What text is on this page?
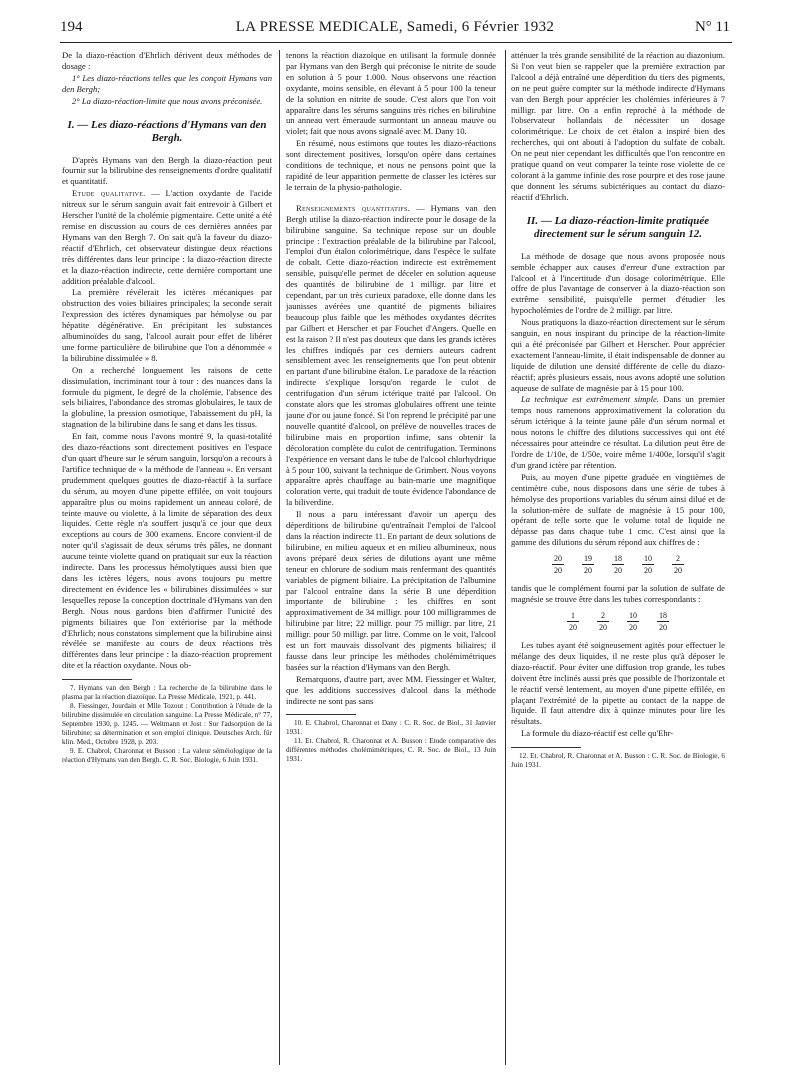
194	LA PRESSE MEDICALE, Samedi, 6 Février 1932	N° 11

De la diazo-réaction d'Ehrlich dérivent deux méthodes de dosage :

1° Les diazo-réactions telles que les conçoit Hymans van den Bergh;

2° La diazo-réaction-limite que nous avons préconisée.

I. — Les diazo-réactions d'Hymans van den Bergh.

D'après Hymans van den Bergh la diazo-réaction peut fournir sur la bilirubine des renseignements d'ordre qualitatif et quantitatif.

Etude qualitative. — L'action oxydante de l'acide nitreux sur le sérum sanguin avait fait entrevoir à Gilbert et Herscher l'unité de la cholémie pigmentaire. Cette unité a été remise en discussion au cours de ces dernières années par Hymans van den Bergh 7. On sait qu'à la faveur du diazo-réactif d'Ehrlich, cet observateur distingue deux réactions très différentes dans leur principe : la diazo-réaction directe et la diazo-réaction indirecte, cette dernière comportant une addition préalable d'alcool.

La première révélerait les ictères mécaniques par obstruction des voies biliaires principales; la seconde serait l'expression des ictères dynamiques par hémolyse ou par hépatite dégénérative. En précipitant les substances albuminoïdes du sang, l'alcool aurait pour effet de libérer une forme particulière de bilirubine que l'on a dénommée « la bilirubine dissimulée » 8.

On a recherché longuement les raisons de cette dissimulation, incriminant tour à tour : des nuances dans la formule du pigment, le degré de la cholémie, l'absence des sels biliaires, l'abondance des stromas globulaires, le taux de la globuline, la pression osmotique, l'abaissement du pH, la stagnation de la bilirubine dans le sang et dans les tissus.

En fait, comme nous l'avons montré 9, la quasi-totalité des diazo-réactions sont directement positives en l'espace d'un quart d'heure sur le sérum sanguin, lorsqu'on a recours à l'artifice technique de « la méthode de l'anneau ». En versant prudemment quelques gouttes de diazo-réactif à la surface du sérum, au moyen d'une pipette effilée, on voit toujours apparaître plus ou moins rapidement un anneau coloré, de teinte mauve ou violette, à la limite de séparation des deux liquides. Cette règle n'a souffert jusqu'à ce jour que deux exceptions au cours de 300 examens. Encore convient-il de noter qu'il s'agissait de deux sérums très pâles, ne donnant aucune teinte violette quand on pratiquait sur eux la réaction indirecte. Dans les processus hémolytiques aussi bien que dans les ictères légers, nous avons toujours pu mettre directement en évidence les « bilirubines dissimulées » sur lesquelles repose la conception doctrinale d'Hymans van den Bergh. Nous nous gardons bien d'affirmer l'unicité des pigments biliaires que l'on extériorise par la méthode d'Ehrlich; nous constatons simplement que la bilirubine ainsi révélée se manifeste au cours de deux réactions très différentes dans leur principe : la diazo-réaction proprement dite et la réaction oxydante. Nous ob-

7. Hymans van den Bergh : La recherche de la bilirubine dans le plasma par la réaction diazoïque. La Presse Médicale, 1921, p. 441.

8. Fiessinger, Jourdain et Mlle Tozout : Contribution à l'étude de la bilirubine dissimulée en circulation sanguine. La Presse Médicale, n° 77, Septembre 1930, p. 1245. — Weltmann et Jost : Sur l'adsorption de la bilirubine; sa détermination et son emploi clinique. Deutsches Arch. für klin. Med., Octobre 1928, p. 203.

9. E. Chabrol, Charonnat et Busson : La valeur séméiologique de la réaction d'Hymans van den Bergh. C. R. Soc. Biologie, 6 Juin 1931.

tenons la réaction diazoïque en utilisant la formule donnée par Hymans van den Bergh qui préconise le nitrite de soude en solution à 5 pour 1.000. Nous observons une réaction oxydante, moins sensible, en élevant à 5 pour 100 la teneur de la solution en nitrite de soude. C'est alors que l'on voit apparaître dans les sérums sanguins très riches en bilirubine un anneau vert émeraude surmontant un anneau mauve ou violet; fait que nous avons signalé avec M. Dany 10.

En résumé, nous estimons que toutes les diazo-réactions sont directement positives, lorsqu'on opère dans certaines conditions de technique, et nous ne pensons point que la rapidité de leur apparition permette de classer les ictères sur le terrain de la physio-pathologie.

Renseignements quantitatifs. — Hymans van den Bergh utilise la diazo-réaction indirecte pour le dosage de la bilirubine sanguine. Sa technique repose sur un double principe : l'extraction préalable de la bilirubine par l'alcool, l'emploi d'un étalon colorimétrique, dans l'espèce le sulfate de cobalt. Cette diazo-réaction indirecte est extrêmement sensible, puisqu'elle permet de déceler en solution aqueuse des quantités de bilirubine de 1 milligr. par litre et cependant, par un très curieux paradoxe, elle donne dans les jaunisses avérées une quantité de pigments biliaires beaucoup plus faible que les méthodes oxydantes décrites par Gilbert et Herscher et par Fouchet d'Angers. Quelle en est la raison ? Il n'est pas douteux que dans les grands ictères les chiffres indiqués par ces derniers auteurs cadrent sensiblement avec les renseignements que l'on peut obtenir en partant d'une bilirubine étalon. Le paradoxe de la réaction indirecte s'explique lorsqu'on regarde le culot de centrifugation d'un sérum ictérique traité par l'alcool. On constate alors que les stromas globulaires offrent une teinte jaune d'or ou jaune foncé. Si l'on reprend le précipité par une nouvelle quantité d'alcool, on prélève de nouvelles traces de bilirubine mais en proportion infime, sans obtenir la décoloration complète du culot de centrifugation. Terminons l'expérience en versant dans le tube de l'alcool chlorhydrique à 5 pour 100, suivant la technique de Grimbert. Nous voyons apparaître après chauffage au bain-marie une magnifique coloration verte, qui traduit de toute évidence l'abondance de la biliverdine.

Il nous a paru intéressant d'avoir un aperçu des déperditions de bilirubine qu'entraînait l'emploi de l'alcool dans la réaction indirecte 11. En partant de deux solutions de bilirubine, en milieu aqueux et en milieu albumineux, nous avons préparé deux séries de dilutions ayant une même teneur en chlorure de sodium mais renfermant des quantités variables de pigment biliaire. La précipitation de l'albumine par l'alcool entraîne dans la série B une déperdition importante de bilirubine : les chiffres en sont approximativement de 34 milligr. pour 100 milligrammes de bilirubine par litre; 22 milligr. pour 75 milligr. par litre, 21 milligr. pour 50 milligr. par litre. Comme on le voit, l'alcool est un fort mauvais dissolvant des pigments biliaires; il fausse dans leur principe les méthodes cholémimétriques basées sur la réaction d'Hymans van den Bergh.

Remarquons, d'autre part, avec MM. Fiessinger et Walter, que les additions successives d'alcool dans la méthode indirecte ne sont pas sans

10. E. Chabrol, Charonnat et Dany : C. R. Soc. de Biol., 31 Janvier 1931.

11. Et. Chabrol, R. Charonnat et A. Busson : Etude comparative des différentes méthodes cholémimétriques, C. R. Soc. de Biol., 13 Juin 1931.

atténuer la très grande sensibilité de la réaction au diazonium. Si l'on veut bien se rappeler que la première extraction par l'alcool a déjà entraîné une déperdition du tiers des pigments, on ne peut guère compter sur la méthode indirecte d'Hymans van den Bergh pour apprécier les cholémies inférieures à 7 milligr. par litre. On a enfin reproché à la méthode de l'observateur hollandais de nécessiter un dosage colorimétrique. Le choix de cet étalon a inspiré bien des recherches, qui ont abouti à l'adoption du sulfate de cobalt. On ne peut nier cependant les difficultés que l'on rencontre en pratique quand on veut comparer la teinte rose violette de ce colorant à la gamme infinie des rose pourpre et des rose jaune que donnent les sérums subictériques au contact du diazo-réactif d'Ehrlich.

II. — La diazo-réaction-limite pratiquée directement sur le sérum sanguin 12.

La méthode de dosage que nous avons proposée nous semble échapper aux causes d'erreur d'une extraction par l'alcool et à l'incertitude d'un dosage colorimétrique. Elle offre de plus l'avantage de conserver à la diazo-réaction son extrême sensibilité, puisqu'elle permet d'étudier les hypocholémies de l'ordre de 2 milligr. par litre.

Nous pratiquons la diazo-réaction directement sur le sérum sanguin, en nous inspirant du principe de la réaction-limite qui a été préconisée par Gilbert et Herscher. Pour apprécier exactement l'anneau-limite, il était indispensable de donner au liquide de dilution une densité différente de celle du diazo-réactif; après plusieurs essais, nous avons adopté une solution aqueuse de sulfate de magnésie par à 15 pour 100.

La technique est extrêmement simple. Dans un premier temps nous ramenons approximativement la coloration du sérum ictérique à la teinte jaune pâle d'un sérum normal et nous notons le chiffre des dilutions successives qui ont été nécessaires pour atteindre ce résultat. La dilution peut être de l'ordre de 1/10e, de 1/50e, voire même 1/400e, lorsqu'il s'agit d'un grand ictère par rétention.

Puis, au moyen d'une pipette graduée en vingtièmes de centimètre cube, nous disposons dans une série de tubes à hémolyse des proportions variables du sérum ainsi dilué et de la solution-mère de sulfate de magnésie à 15 pour 100, opérant de telle sorte que le volume total de liquide ne dépasse pas dans chaque tube 1 cmc. C'est ainsi que la gamme des dilutions du sérum répond aux chiffres de :

$\frac{20}{20} \frac{19}{20} \frac{18}{20} \frac{10}{20} \frac{2}{20}$

tandis que le complément fourni par la solution de sulfate de magnésie se trouve être dans les tubes correspondants :

$\frac{1}{20} \frac{2}{20} \frac{10}{20} \frac{18}{20}$

Les tubes ayant été soigneusement agités pour effectuer le mélange des deux liquides, il ne reste plus qu'à déposer le diazo-réactif. Pour éviter une diffusion trop grande, les tubes doivent être inclinés aussi près que possible de l'horizontale et le réactif versé lentement, au moyen d'une pipette effilée, en plaçant l'extrémité de la pipette au contact de la nappe de liquide. Il faut attendre dix à quinze minutes pour lire les résultats.

La formule du diazo-réactif est celle qu'Ehr-

12. Et. Chabrol, R. Charonnat et A. Busson : C. R. Soc. de Biologie, 6 Juin 1931.
